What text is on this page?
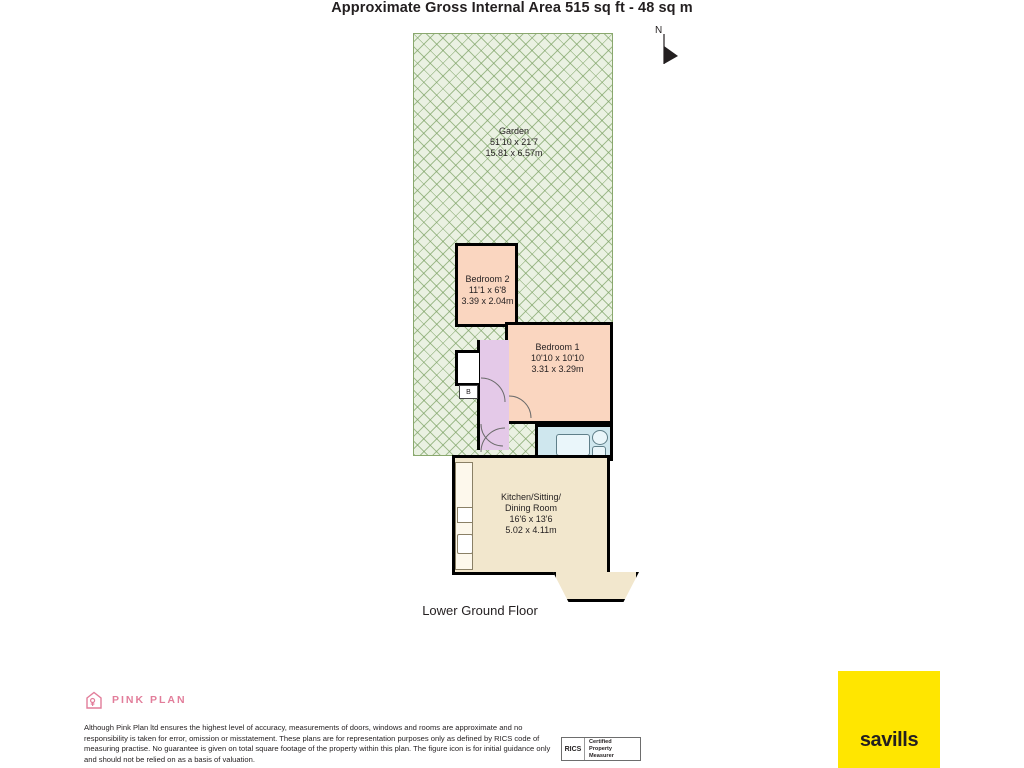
Approximate Gross Internal Area 515 sq ft - 48 sq m
N
Garden
51'10 x 21'7
15.81 x 6.57m
Bedroom 2
11'1 x 6'8
3.39 x 2.04m
Bedroom 1
10'10 x 10'10
3.31 x 3.29m
B
Kitchen/Sitting/
Dining Room
16'6 x 13'6
5.02 x 4.11m
Lower Ground Floor
PINK PLAN
Although Pink Plan ltd ensures the highest level of accuracy, measurements of doors, windows and rooms are approximate and no responsibility is taken for error, omission or misstatement. These plans are for representation purposes only as defined by RICS code of measuring practise. No guarantee is given on total square footage of the property within this plan. The figure icon is for initial guidance only and should not be relied on as a basis of valuation.
RICS
Certified
Property
Measurer
savills
